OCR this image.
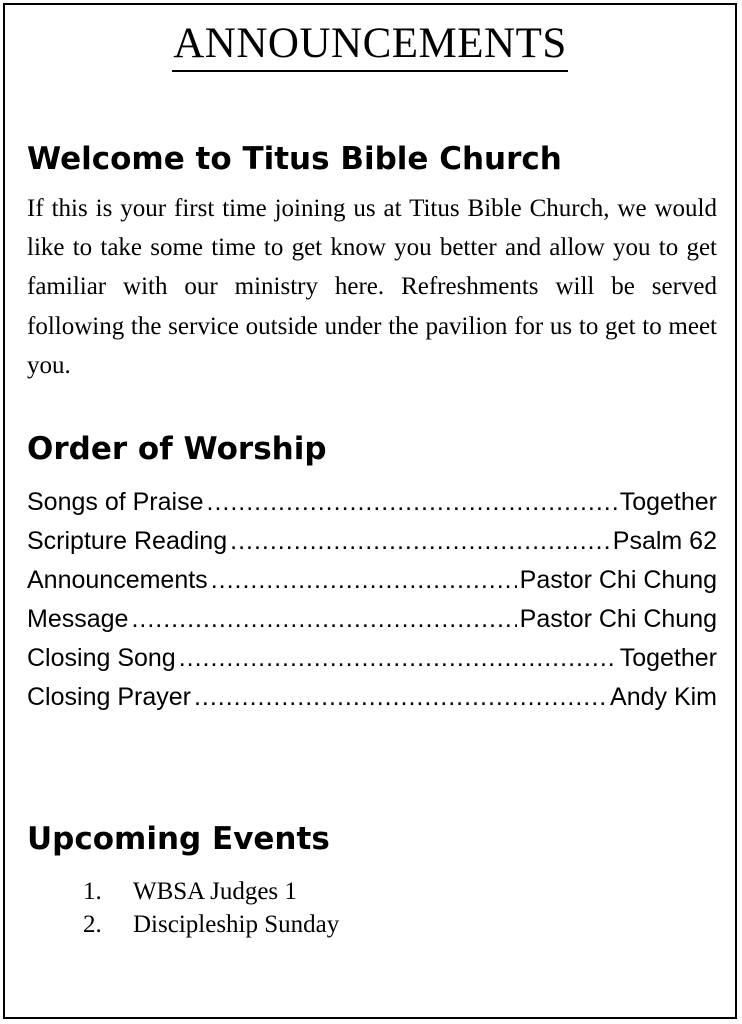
ANNOUNCEMENTS
Welcome to Titus Bible Church

If this is your first time joining us at Titus Bible Church, we would like to take some time to get know you better and allow you to get familiar with our ministry here. Refreshments will be served following the service outside under the pavilion for us to get to meet you.

Order of Worship
Songs of Praise .....	Together
Scripture Reading .....	Psalm 62
Announcements .....	Pastor Chi Chung
Message .....	Pastor Chi Chung
Closing Song .....	Together
Closing Prayer .....	Andy Kim
Upcoming Events
1.	WBSA Judges 1
2.	Discipleship Sunday
